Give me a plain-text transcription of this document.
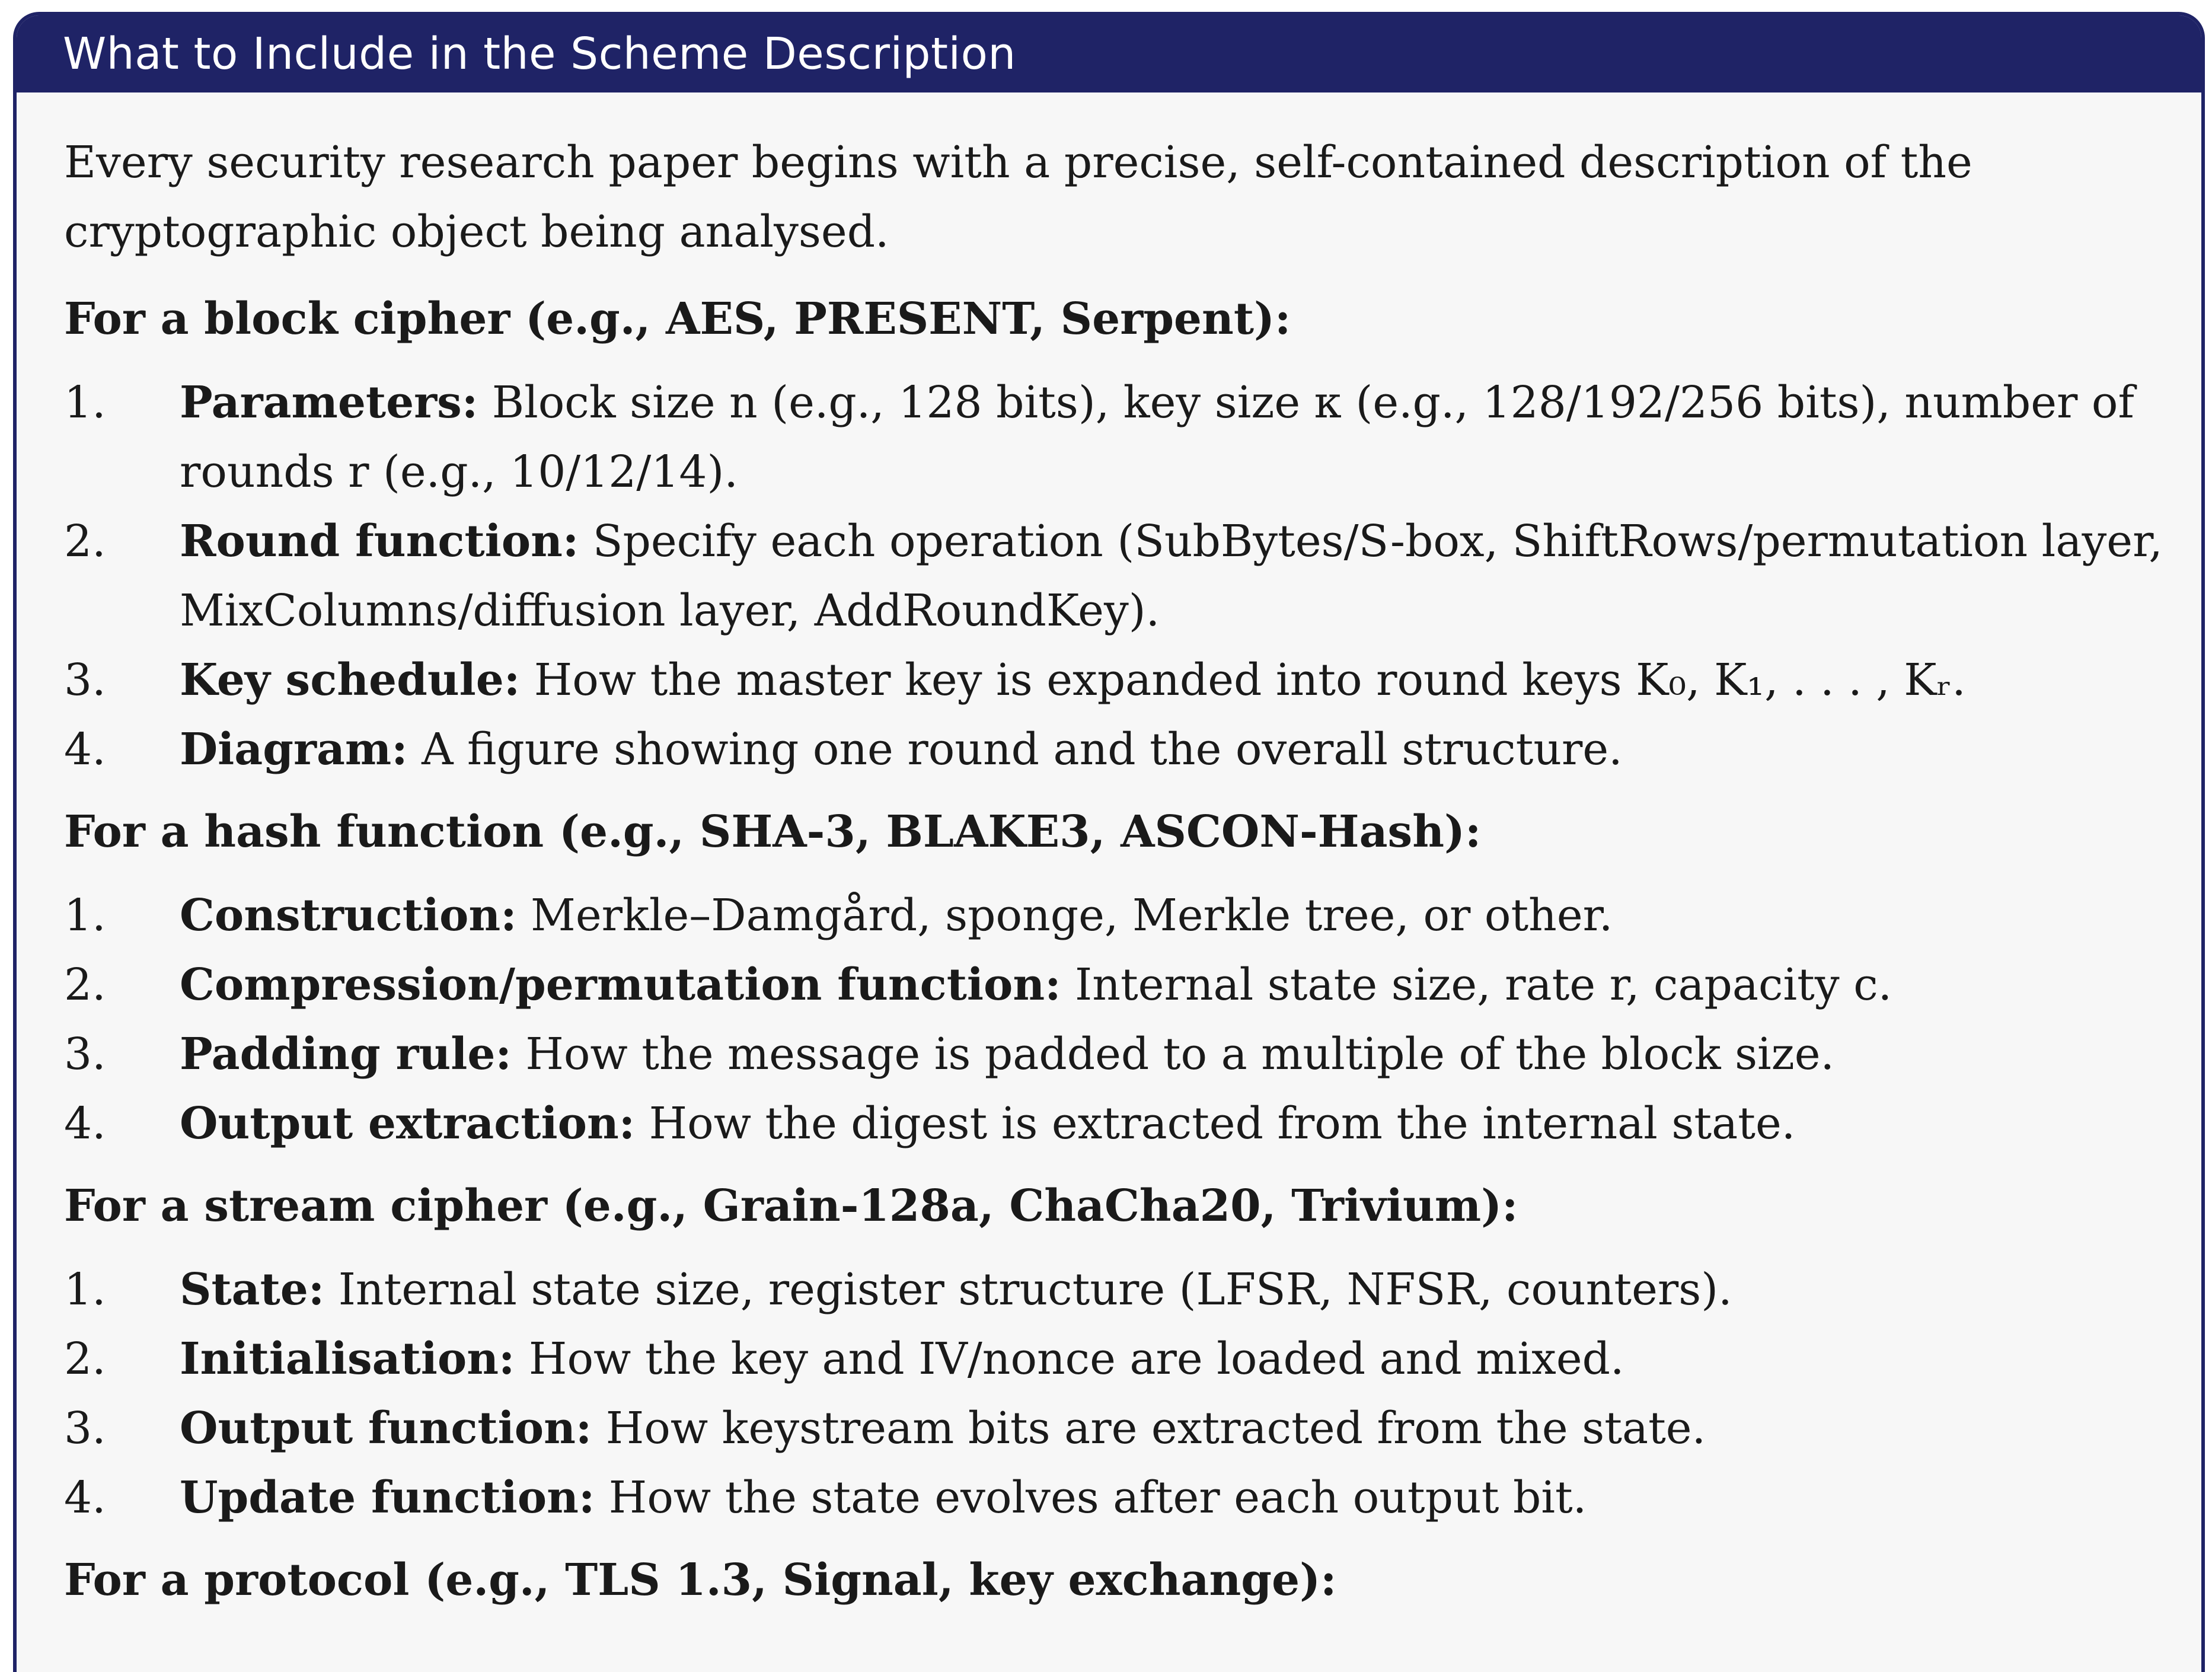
What to Include in the Scheme Description

Every security research paper begins with a precise, self-contained description of the cryptographic object being analysed.

For a block cipher (e.g., AES, PRESENT, Serpent):
1. Parameters: Block size n (e.g., 128 bits), key size κ (e.g., 128/192/256 bits), number of rounds r (e.g., 10/12/14).
2. Round function: Specify each operation (SubBytes/S-box, ShiftRows/permutation layer, MixColumns/diffusion layer, AddRoundKey).
3. Key schedule: How the master key is expanded into round keys K₀, K₁, . . . , Kᵣ.
4. Diagram: A figure showing one round and the overall structure.
For a hash function (e.g., SHA-3, BLAKE3, ASCON-Hash):
1. Construction: Merkle–Damgård, sponge, Merkle tree, or other.
2. Compression/permutation function: Internal state size, rate r, capacity c.
3. Padding rule: How the message is padded to a multiple of the block size.
4. Output extraction: How the digest is extracted from the internal state.
For a stream cipher (e.g., Grain-128a, ChaCha20, Trivium):
1. State: Internal state size, register structure (LFSR, NFSR, counters).
2. Initialisation: How the key and IV/nonce are loaded and mixed.
3. Output function: How keystream bits are extracted from the state.
4. Update function: How the state evolves after each output bit.
For a protocol (e.g., TLS 1.3, Signal, key exchange):
